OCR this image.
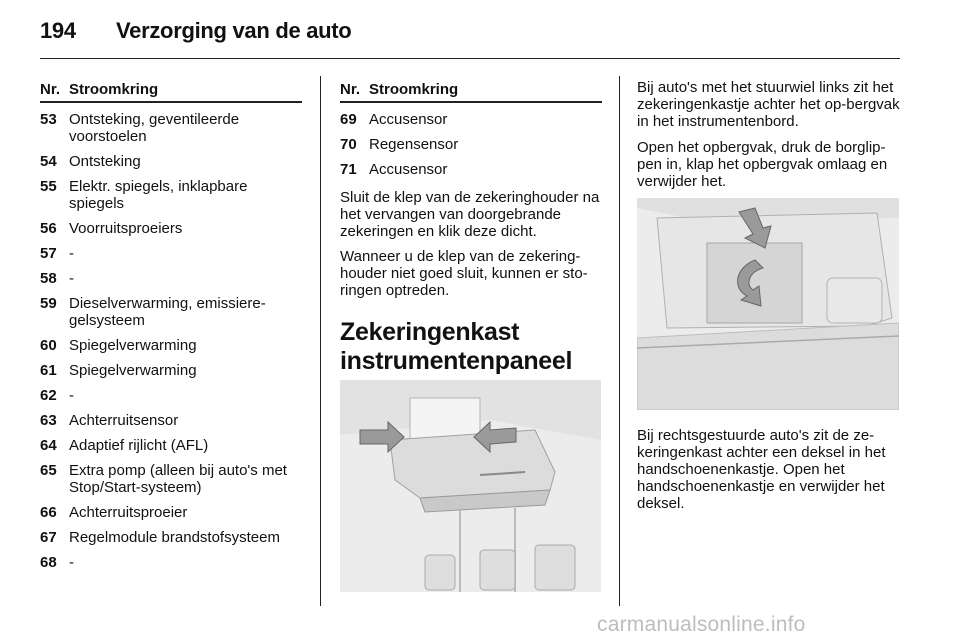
194 Verzorging van de auto
Nr. Stroomkring
53 Ontsteking, geventileerde voorstoelen
54 Ontsteking
55 Elektr. spiegels, inklapbare spiegels
56 Voorruitsproeiers
57 -
58 -
59 Dieselverwarming, emissiere-gelsysteem
60 Spiegelverwarming
61 Spiegelverwarming
62 -
63 Achterruitsensor
64 Adaptief rijlicht (AFL)
65 Extra pomp (alleen bij auto's met Stop/Start-systeem)
66 Achterruitsproeier
67 Regelmodule brandstofsysteem
68 -
Nr. Stroomkring
69 Accusensor
70 Regensensor
71 Accusensor

Sluit de klep van de zekeringhouder na het vervangen van doorgebrande zekeringen en klik deze dicht.

Wanneer u de klep van de zekering-houder niet goed sluit, kunnen er sto-ringen optreden.

Zekeringenkast
instrumentenpaneel

Bij auto's met het stuurwiel links zit het zekeringenkastje achter het op-bergvak in het instrumentenbord.

Open het opbergvak, druk de borglip-pen in, klap het opbergvak omlaag en verwijder het.

Bij rechtsgestuurde auto's zit de ze-keringenkast achter een deksel in het handschoenenkastje. Open het handschoenenkastje en verwijder het deksel.

carmanualsonline.info
